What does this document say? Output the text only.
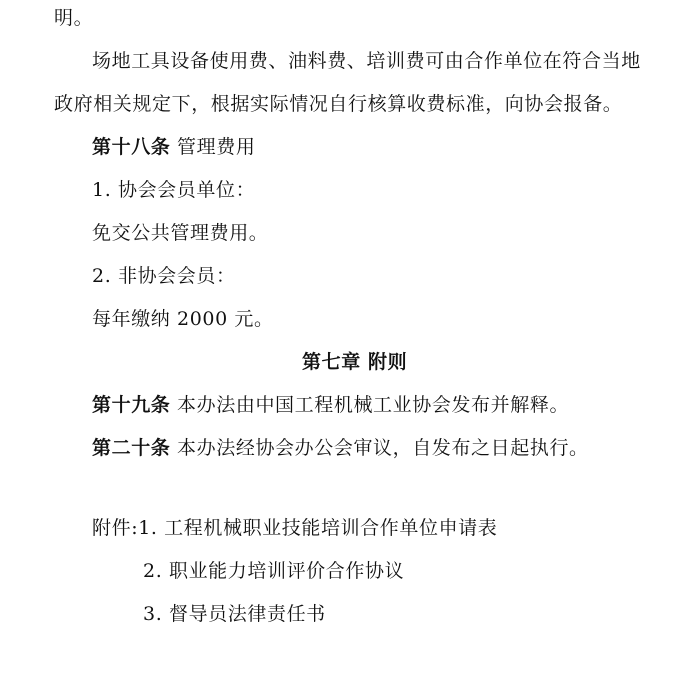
明。
场地工具设备使用费、油料费、培训费可由合作单位在符合当地
政府相关规定下，根据实际情况自行核算收费标准，向协会报备。
第十八条 管理费用
1. 协会会员单位：
免交公共管理费用。
2. 非协会会员：
每年缴纳 2000 元。
第七章 附则
第十九条 本办法由中国工程机械工业协会发布并解释。
第二十条 本办法经协会办公会审议，自发布之日起执行。
附件:1. 工程机械职业技能培训合作单位申请表
2. 职业能力培训评价合作协议
3. 督导员法律责任书
